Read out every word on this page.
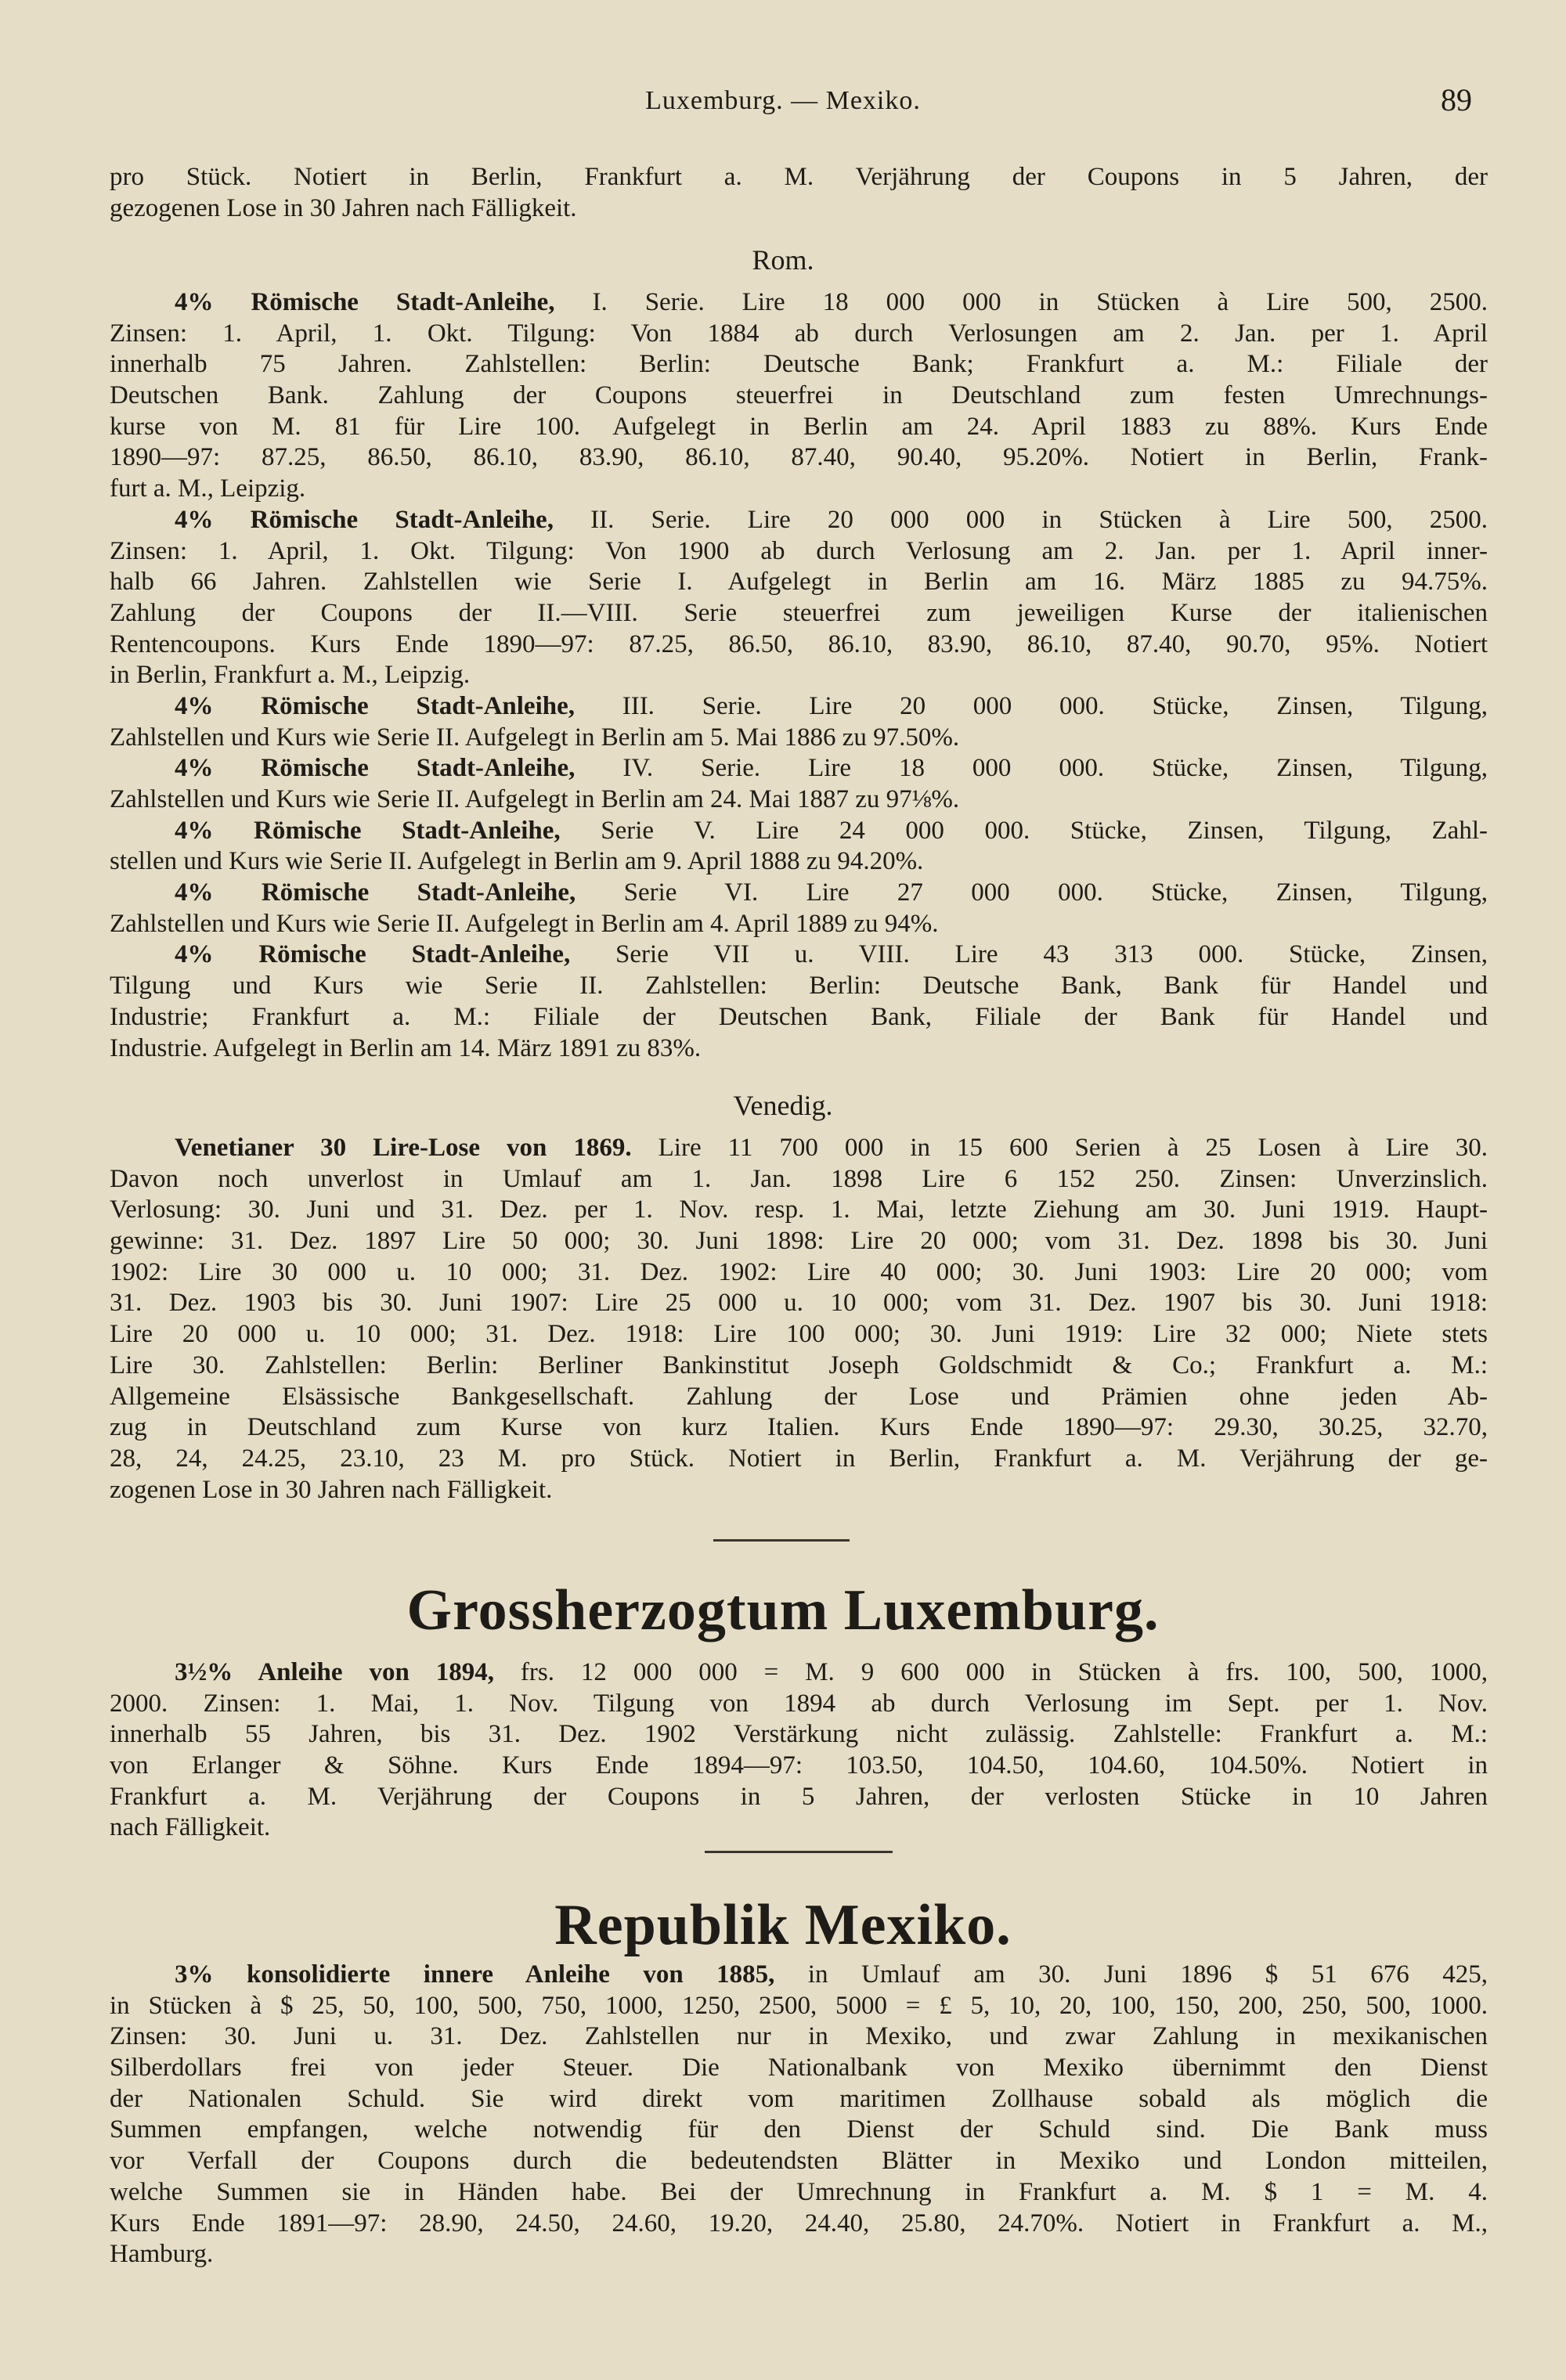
Luxemburg. — Mexiko.	89
pro Stück. Notiert in Berlin, Frankfurt a. M. Verjährung der Coupons in 5 Jahren, der
gezogenen Lose in 30 Jahren nach Fälligkeit.
Rom.
4% Römische Stadt-Anleihe, I. Serie. Lire 18 000 000 in Stücken à Lire 500, 2500.
Zinsen: 1. April, 1. Okt. Tilgung: Von 1884 ab durch Verlosungen am 2. Jan. per 1. April
innerhalb 75 Jahren. Zahlstellen: Berlin: Deutsche Bank; Frankfurt a. M.: Filiale der
Deutschen Bank. Zahlung der Coupons steuerfrei in Deutschland zum festen Umrechnungs-
kurse von M. 81 für Lire 100. Aufgelegt in Berlin am 24. April 1883 zu 88%. Kurs Ende
1890—97: 87.25, 86.50, 86.10, 83.90, 86.10, 87.40, 90.40, 95.20%. Notiert in Berlin, Frank-
furt a. M., Leipzig.
4% Römische Stadt-Anleihe, II. Serie. Lire 20 000 000 in Stücken à Lire 500, 2500.
Zinsen: 1. April, 1. Okt. Tilgung: Von 1900 ab durch Verlosung am 2. Jan. per 1. April inner-
halb 66 Jahren. Zahlstellen wie Serie I. Aufgelegt in Berlin am 16. März 1885 zu 94.75%.
Zahlung der Coupons der II.—VIII. Serie steuerfrei zum jeweiligen Kurse der italienischen
Rentencoupons. Kurs Ende 1890—97: 87.25, 86.50, 86.10, 83.90, 86.10, 87.40, 90.70, 95%. Notiert
in Berlin, Frankfurt a. M., Leipzig.
4% Römische Stadt-Anleihe, III. Serie. Lire 20 000 000. Stücke, Zinsen, Tilgung,
Zahlstellen und Kurs wie Serie II. Aufgelegt in Berlin am 5. Mai 1886 zu 97.50%.
4% Römische Stadt-Anleihe, IV. Serie. Lire 18 000 000. Stücke, Zinsen, Tilgung,
Zahlstellen und Kurs wie Serie II. Aufgelegt in Berlin am 24. Mai 1887 zu 97⅛%.
4% Römische Stadt-Anleihe, Serie V. Lire 24 000 000. Stücke, Zinsen, Tilgung, Zahl-
stellen und Kurs wie Serie II. Aufgelegt in Berlin am 9. April 1888 zu 94.20%.
4% Römische Stadt-Anleihe, Serie VI. Lire 27 000 000. Stücke, Zinsen, Tilgung,
Zahlstellen und Kurs wie Serie II. Aufgelegt in Berlin am 4. April 1889 zu 94%.
4% Römische Stadt-Anleihe, Serie VII u. VIII. Lire 43 313 000. Stücke, Zinsen,
Tilgung und Kurs wie Serie II. Zahlstellen: Berlin: Deutsche Bank, Bank für Handel und
Industrie; Frankfurt a. M.: Filiale der Deutschen Bank, Filiale der Bank für Handel und
Industrie. Aufgelegt in Berlin am 14. März 1891 zu 83%.
Venedig.
Venetianer 30 Lire-Lose von 1869. Lire 11 700 000 in 15 600 Serien à 25 Losen à Lire 30.
Davon noch unverlost in Umlauf am 1. Jan. 1898 Lire 6 152 250. Zinsen: Unverzinslich.
Verlosung: 30. Juni und 31. Dez. per 1. Nov. resp. 1. Mai, letzte Ziehung am 30. Juni 1919. Haupt-
gewinne: 31. Dez. 1897 Lire 50 000; 30. Juni 1898: Lire 20 000; vom 31. Dez. 1898 bis 30. Juni
1902: Lire 30 000 u. 10 000; 31. Dez. 1902: Lire 40 000; 30. Juni 1903: Lire 20 000; vom
31. Dez. 1903 bis 30. Juni 1907: Lire 25 000 u. 10 000; vom 31. Dez. 1907 bis 30. Juni 1918:
Lire 20 000 u. 10 000; 31. Dez. 1918: Lire 100 000; 30. Juni 1919: Lire 32 000; Niete stets
Lire 30. Zahlstellen: Berlin: Berliner Bankinstitut Joseph Goldschmidt & Co.; Frankfurt a. M.:
Allgemeine Elsässische Bankgesellschaft. Zahlung der Lose und Prämien ohne jeden Ab-
zug in Deutschland zum Kurse von kurz Italien. Kurs Ende 1890—97: 29.30, 30.25, 32.70,
28, 24, 24.25, 23.10, 23 M. pro Stück. Notiert in Berlin, Frankfurt a. M. Verjährung der ge-
zogenen Lose in 30 Jahren nach Fälligkeit.
Grossherzogtum Luxemburg.
3½% Anleihe von 1894, frs. 12 000 000 = M. 9 600 000 in Stücken à frs. 100, 500, 1000,
2000. Zinsen: 1. Mai, 1. Nov. Tilgung von 1894 ab durch Verlosung im Sept. per 1. Nov.
innerhalb 55 Jahren, bis 31. Dez. 1902 Verstärkung nicht zulässig. Zahlstelle: Frankfurt a. M.:
von Erlanger & Söhne. Kurs Ende 1894—97: 103.50, 104.50, 104.60, 104.50%. Notiert in
Frankfurt a. M. Verjährung der Coupons in 5 Jahren, der verlosten Stücke in 10 Jahren
nach Fälligkeit.
Republik Mexiko.
3% konsolidierte innere Anleihe von 1885, in Umlauf am 30. Juni 1896 $ 51 676 425,
in Stücken à $ 25, 50, 100, 500, 750, 1000, 1250, 2500, 5000 = £ 5, 10, 20, 100, 150, 200, 250, 500, 1000.
Zinsen: 30. Juni u. 31. Dez. Zahlstellen nur in Mexiko, und zwar Zahlung in mexikanischen
Silberdollars frei von jeder Steuer. Die Nationalbank von Mexiko übernimmt den Dienst
der Nationalen Schuld. Sie wird direkt vom maritimen Zollhause sobald als möglich die
Summen empfangen, welche notwendig für den Dienst der Schuld sind. Die Bank muss
vor Verfall der Coupons durch die bedeutendsten Blätter in Mexiko und London mitteilen,
welche Summen sie in Händen habe. Bei der Umrechnung in Frankfurt a. M. $ 1 = M. 4.
Kurs Ende 1891—97: 28.90, 24.50, 24.60, 19.20, 24.40, 25.80, 24.70%. Notiert in Frankfurt a. M.,
Hamburg.
